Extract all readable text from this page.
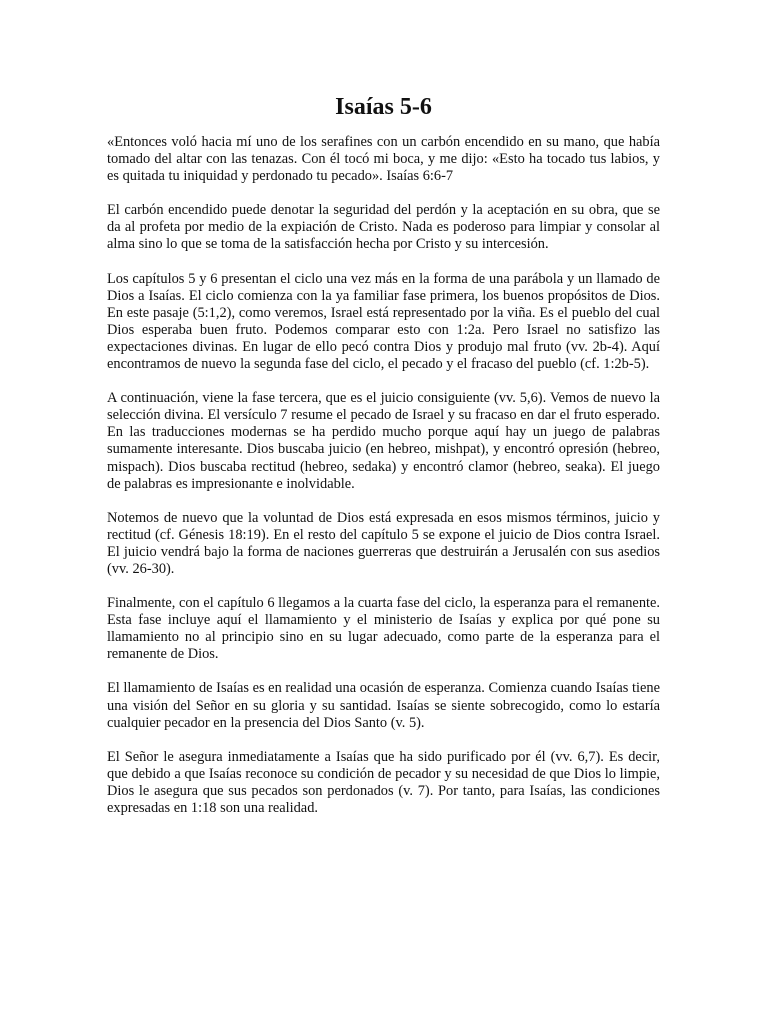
Isaías 5-6

«Entonces voló hacia mí uno de los serafines con un carbón encendido en su mano, que había tomado del altar con las tenazas. Con él tocó mi boca, y me dijo: «Esto ha tocado tus labios, y es quitada tu iniquidad y perdonado tu pecado». Isaías 6:6-7

El carbón encendido puede denotar la seguridad del perdón y la aceptación en su obra, que se da al profeta por medio de la expiación de Cristo. Nada es poderoso para limpiar y consolar al alma sino lo que se toma de la satisfacción hecha por Cristo y su intercesión.

Los capítulos 5 y 6 presentan el ciclo una vez más en la forma de una parábola y un llamado de Dios a Isaías. El ciclo comienza con la ya familiar fase primera, los buenos propósitos de Dios. En este pasaje (5:1,2), como veremos, Israel está representado por la viña. Es el pueblo del cual Dios esperaba buen fruto. Podemos comparar esto con 1:2a. Pero Israel no satisfizo las expectaciones divinas. En lugar de ello pecó contra Dios y produjo mal fruto (vv. 2b-4). Aquí encontramos de nuevo la segunda fase del ciclo, el pecado y el fracaso del pueblo (cf. 1:2b-5).

A continuación, viene la fase tercera, que es el juicio consiguiente (vv. 5,6). Vemos de nuevo la selección divina. El versículo 7 resume el pecado de Israel y su fracaso en dar el fruto esperado. En las traducciones modernas se ha perdido mucho porque aquí hay un juego de palabras sumamente interesante. Dios buscaba juicio (en hebreo, mishpat), y encontró opresión (hebreo, mispach). Dios buscaba rectitud (hebreo, sedaka) y encontró clamor (hebreo, seaka). El juego de palabras es impresionante e inolvidable.

Notemos de nuevo que la voluntad de Dios está expresada en esos mismos términos, juicio y rectitud (cf. Génesis 18:19). En el resto del capítulo 5 se expone el juicio de Dios contra Israel. El juicio vendrá bajo la forma de naciones guerreras que destruirán a Jerusalén con sus asedios (vv. 26-30).

Finalmente, con el capítulo 6 llegamos a la cuarta fase del ciclo, la esperanza para el remanente. Esta fase incluye aquí el llamamiento y el ministerio de Isaías y explica por qué pone su llamamiento no al principio sino en su lugar adecuado, como parte de la esperanza para el remanente de Dios.

El llamamiento de Isaías es en realidad una ocasión de esperanza. Comienza cuando Isaías tiene una visión del Señor en su gloria y su santidad. Isaías se siente sobrecogido, como lo estaría cualquier pecador en la presencia del Dios Santo (v. 5).

El Señor le asegura inmediatamente a Isaías que ha sido purificado por él (vv. 6,7). Es decir, que debido a que Isaías reconoce su condición de pecador y su necesidad de que Dios lo limpie, Dios le asegura que sus pecados son perdonados (v. 7). Por tanto, para Isaías, las condiciones expresadas en 1:18 son una realidad.
